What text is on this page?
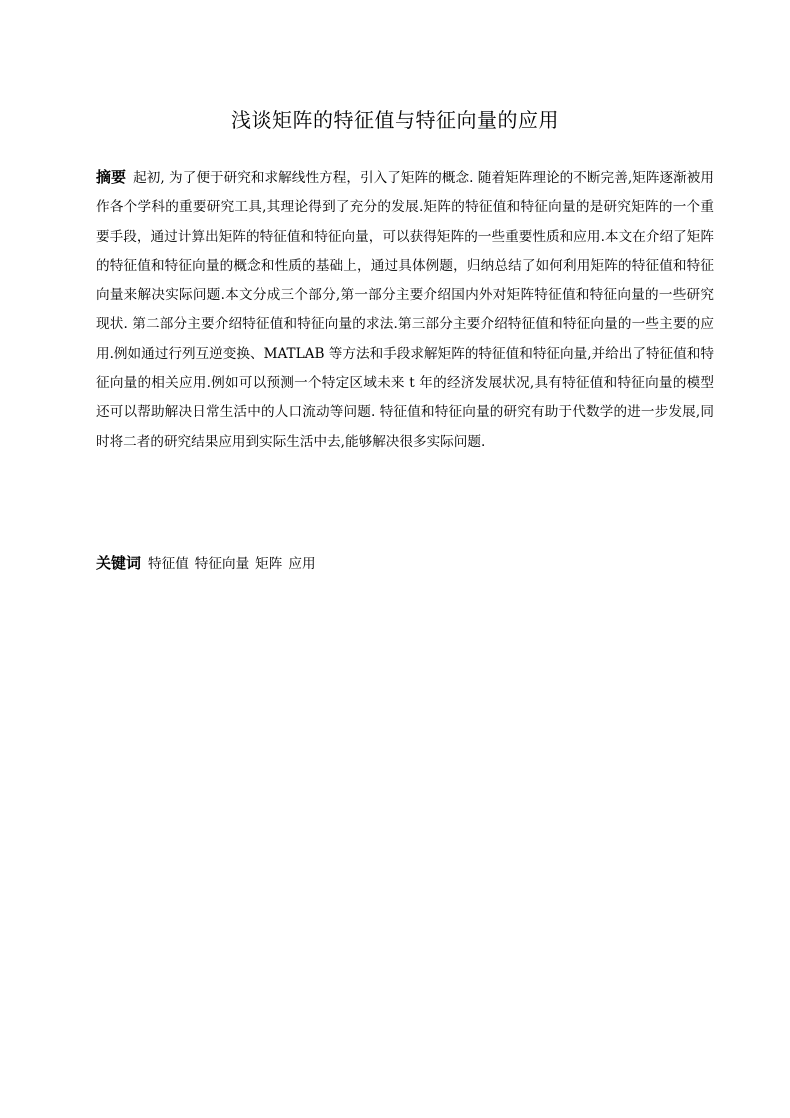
浅谈矩阵的特征值与特征向量的应用

摘要 起初, 为了便于研究和求解线性方程，引入了矩阵的概念. 随着矩阵理论的不断完善,矩阵逐渐被用作各个学科的重要研究工具,其理论得到了充分的发展.矩阵的特征值和特征向量的是研究矩阵的一个重要手段，通过计算出矩阵的特征值和特征向量，可以获得矩阵的一些重要性质和应用.本文在介绍了矩阵的特征值和特征向量的概念和性质的基础上，通过具体例题，归纳总结了如何利用矩阵的特征值和特征向量来解决实际问题.本文分成三个部分,第一部分主要介绍国内外对矩阵特征值和特征向量的一些研究现状. 第二部分主要介绍特征值和特征向量的求法.第三部分主要介绍特征值和特征向量的一些主要的应用.例如通过行列互逆变换、MATLAB 等方法和手段求解矩阵的特征值和特征向量,并给出了特征值和特征向量的相关应用.例如可以预测一个特定区域未来 t 年的经济发展状况,具有特征值和特征向量的模型还可以帮助解决日常生活中的人口流动等问题. 特征值和特征向量的研究有助于代数学的进一步发展,同时将二者的研究结果应用到实际生活中去,能够解决很多实际问题.

关键词 特征值 特征向量 矩阵 应用
